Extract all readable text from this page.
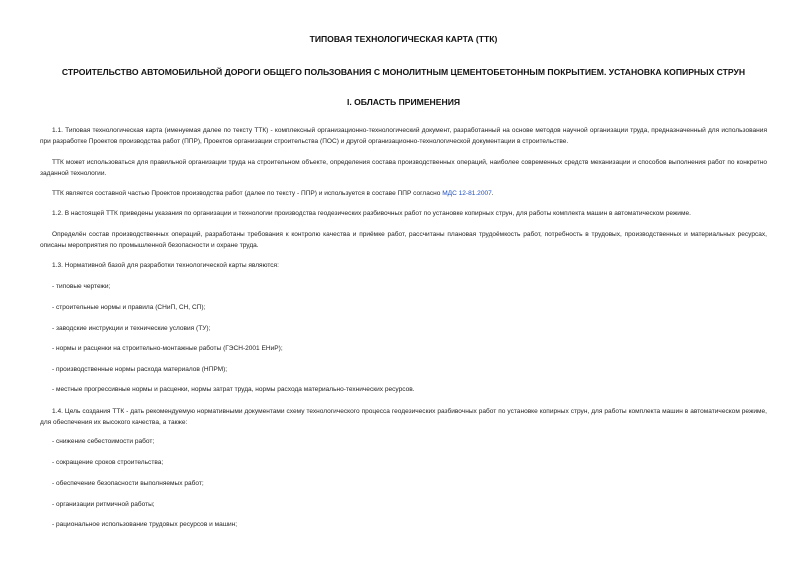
ТИПОВАЯ ТЕХНОЛОГИЧЕСКАЯ КАРТА (ТТК)
СТРОИТЕЛЬСТВО АВТОМОБИЛЬНОЙ ДОРОГИ ОБЩЕГО ПОЛЬЗОВАНИЯ С МОНОЛИТНЫМ ЦЕМЕНТОБЕТОННЫМ ПОКРЫТИЕМ. УСТАНОВКА КОПИРНЫХ СТРУН
I. ОБЛАСТЬ ПРИМЕНЕНИЯ
1.1. Типовая технологическая карта (именуемая далее по тексту ТТК) - комплексный организационно-технологический документ, разработанный на основе методов научной организации труда, предназначенный для использования при разработке Проектов производства работ (ППР), Проектов организации строительства (ПОС) и другой организационно-технологической документации в строительстве.
ТТК может использоваться для правильной организации труда на строительном объекте, определения состава производственных операций, наиболее современных средств механизации и способов выполнения работ по конкретно заданной технологии.
ТТК является составной частью Проектов производства работ (далее по тексту - ППР) и используется в составе ППР согласно МДС 12-81.2007.
1.2. В настоящей ТТК приведены указания по организации и технологии производства геодезических разбивочных работ по установке копирных струн, для работы комплекта машин в автоматическом режиме.
Определён состав производственных операций, разработаны требования к контролю качества и приёмке работ, рассчитаны плановая трудоёмкость работ, потребность в трудовых, производственных и материальных ресурсах, описаны мероприятия по промышленной безопасности и охране труда.
1.3. Нормативной базой для разработки технологической карты являются:
- типовые чертежи;
- строительные нормы и правила (СНиП, СН, СП);
- заводские инструкции и технические условия (ТУ);
- нормы и расценки на строительно-монтажные работы (ГЭСН-2001 ЕНиР);
- производственные нормы расхода материалов (НПРМ);
- местные прогрессивные нормы и расценки, нормы затрат труда, нормы расхода материально-технических ресурсов.
1.4. Цель создания ТТК - дать рекомендуемую нормативными документами схему технологического процесса геодезических разбивочных работ по установке копирных струн, для работы комплекта машин в автоматическом режиме, для обеспечения их высокого качества, а также:
- снижение себестоимости работ;
- сокращение сроков строительства;
- обеспечение безопасности выполняемых работ;
- организации ритмичной работы;
- рациональное использование трудовых ресурсов и машин;
